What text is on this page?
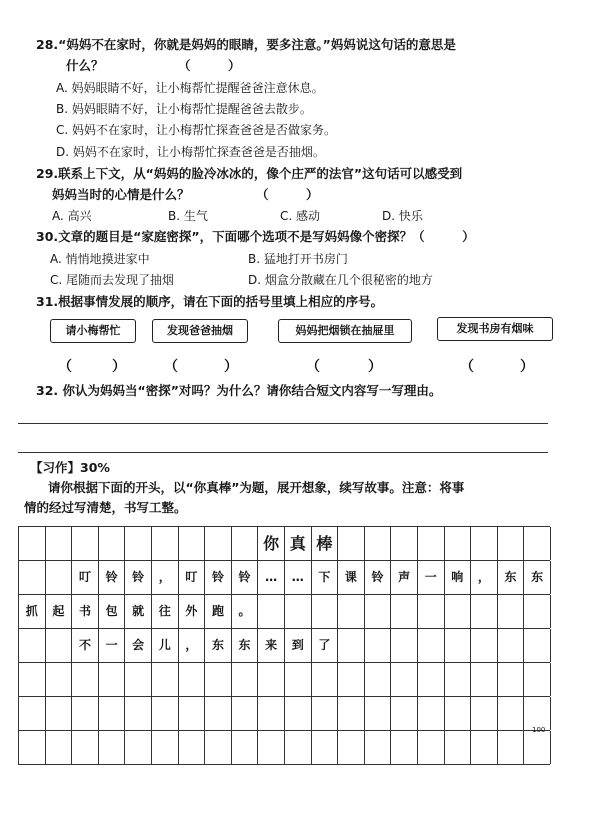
28.“妈妈不在家时，你就是妈妈的眼睛，要多注意。”妈妈说这句话的意思是
什么？	（　　　）
A. 妈妈眼睛不好，让小梅帮忙提醒爸爸注意休息。
B. 妈妈眼睛不好，让小梅帮忙提醒爸爸去散步。
C. 妈妈不在家时，让小梅帮忙探查爸爸是否做家务。
D. 妈妈不在家时，让小梅帮忙探查爸爸是否抽烟。
29.联系上下文，从“妈妈的脸冷冰冰的，像个庄严的法官”这句话可以感受到
妈妈当时的心情是什么？	（　　　）
A. 高兴	B. 生气	C. 感动	D. 快乐
30.文章的题目是“家庭密探”，下面哪个选项不是写妈妈像个密探？（　　　）
A. 悄悄地摸进家中	B. 猛地打开书房门
C. 尾随而去发现了抽烟	D. 烟盒分散藏在几个很秘密的地方
31.根据事情发展的顺序，请在下面的括号里填上相应的序号。
请小梅帮忙	发现爸爸抽烟	妈妈把烟锁在抽屉里	发现书房有烟味
（	）	（	）	（	）	（	）
32. 你认为妈妈当“密探”对吗？为什么？请你结合短文内容写一写理由。
【习作】30%
请你根据下面的开头，以“你真棒”为题，展开想象，续写故事。注意：将事
情的经过写清楚，书写工整。
你 真 棒
叮	铃	铃	，	叮	铃	铃	…	…	下	课	铃	声	一	响	，	东	东
抓	起	书	包	就	往	外	跑	。
不	一	会	儿	，	东	东	来	到	了
100
